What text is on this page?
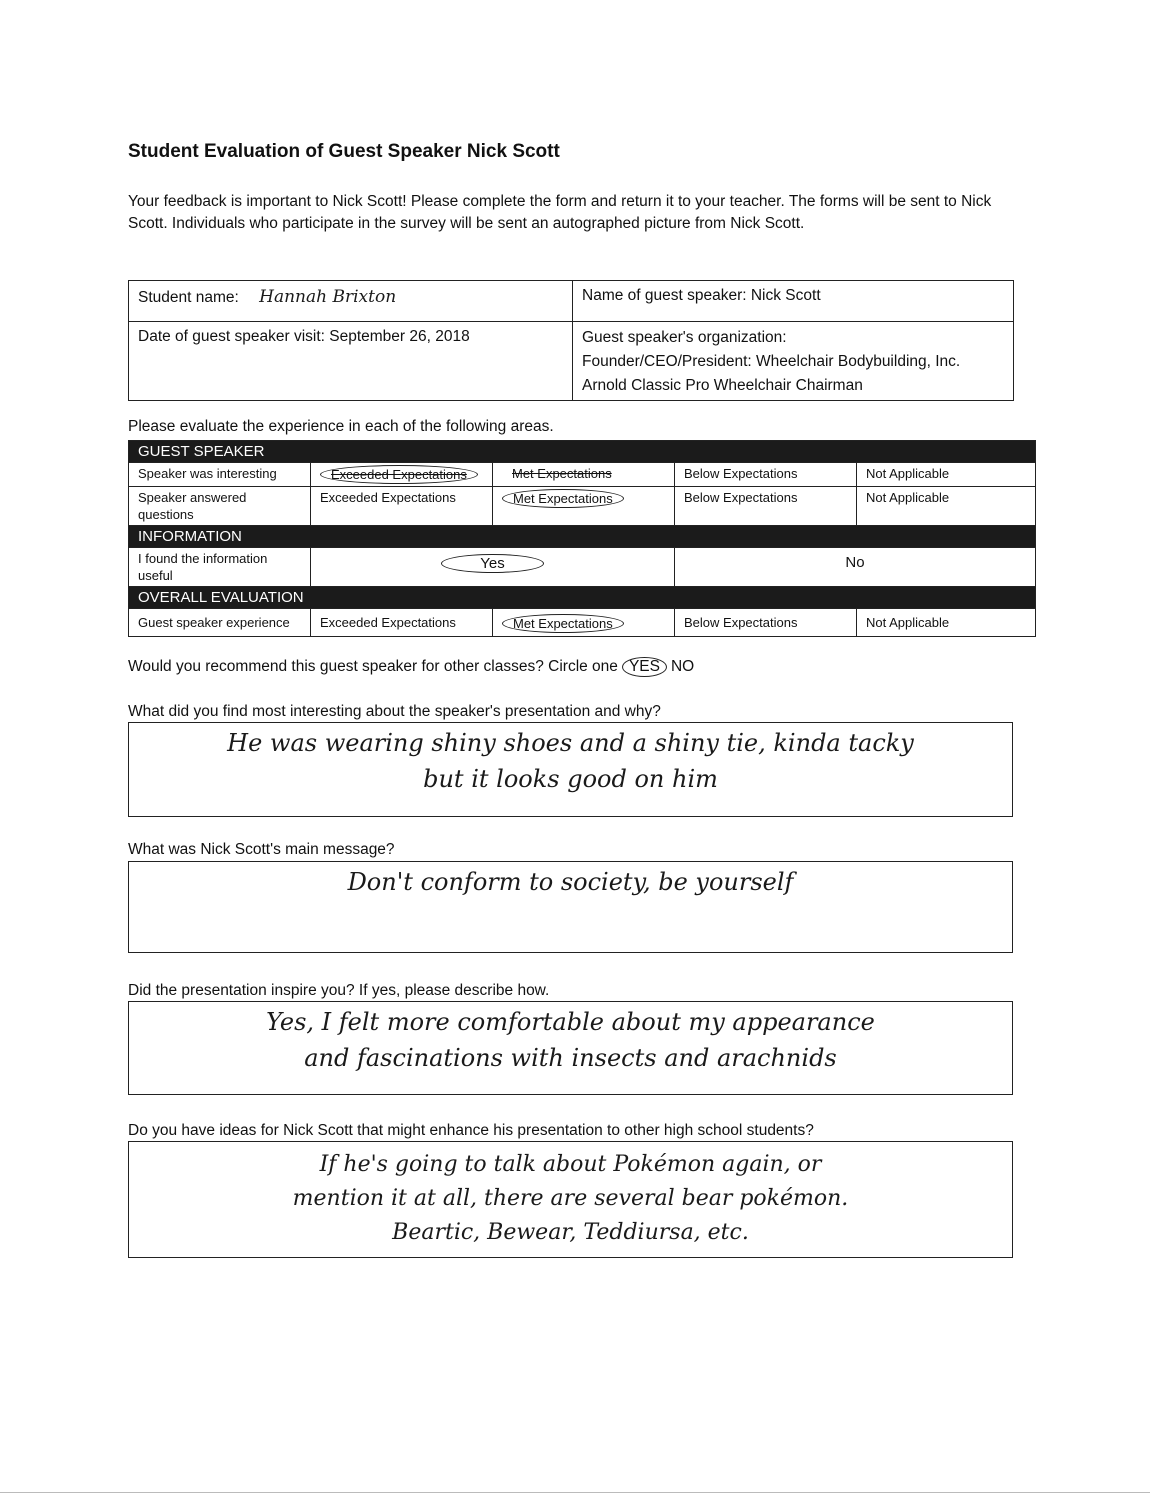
Student Evaluation of Guest Speaker Nick Scott

Your feedback is important to Nick Scott! Please complete the form and return it to your teacher. The forms will be sent to Nick Scott. Individuals who participate in the survey will be sent an autographed picture from Nick Scott.

Student name: Hannah Brixton	Name of guest speaker: Nick Scott
Date of guest speaker visit: September 26, 2018	Guest speaker's organization:
Founder/CEO/President: Wheelchair Bodybuilding, Inc.
Arnold Classic Pro Wheelchair Chairman

Please evaluate the experience in each of the following areas.

GUEST SPEAKER				
Speaker was interesting	Exceeded Expectations	Met Expectations	Below Expectations	Not Applicable
Speaker answered questions	Exceeded Expectations	Met Expectations	Below Expectations	Not Applicable
INFORMATION				
I found the information useful	Yes		No	
OVERALL EVALUATION				
Guest speaker experience	Exceeded Expectations	Met Expectations	Below Expectations	Not Applicable

Would you recommend this guest speaker for other classes? Circle one YES NO

What did you find most interesting about the speaker's presentation and why?

He was wearing shiny shoes and a shiny tie, kinda tacky
but it looks good on him

What was Nick Scott's main message?

Don't conform to society, be yourself

Did the presentation inspire you? If yes, please describe how.

Yes, I felt more comfortable about my appearance
and fascinations with insects and arachnids

Do you have ideas for Nick Scott that might enhance his presentation to other high school students?

If he's going to talk about Pokémon again, or
mention it at all, there are several bear pokémon.
Beartic, Bewear, Teddiursa, etc.
